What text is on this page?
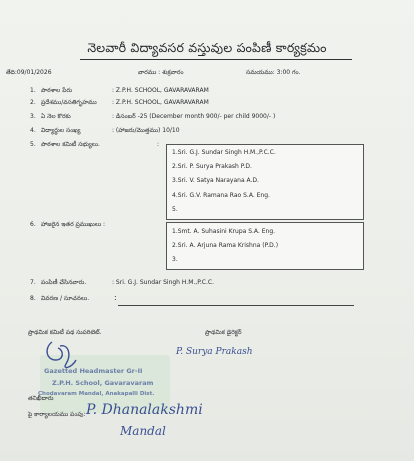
నెలవారీ విద్యావసర వస్తువుల పంపిణీ కార్యక్రమం
తేది:09/01/2026	వారము : శుక్రవారం	సమయము: 3:00 గం.
1. పాఠశాల పేరు	: Z.P.H. SCHOOL, GAVARAVARAM
2. ప్రదేశము/వసతిగృహము	: Z.P.H. SCHOOL, GAVARAVARAM
3. ఏ నెల కొరకు	: డిసంబర్ -25 (December month 900/- per child 9000/- )
4. విద్యార్థుల సంఖ్య	: (హాజరు/మొత్తము) 10/10
5. పాఠశాల కమిటీ సభ్యులు.	:
1.Sri. G.J. Sundar Singh H.M.,P.C.C.
2.Sri. P. Surya Prakash P.D.
3.Sri. V. Satya Narayana A.D.
4.Sri. G.V. Ramana Rao S.A. Eng.
5.
6. హాజరైన ఇతర ప్రముఖులు :
1.Smt. A. Suhasini Krupa S.A. Eng.
2.Sri. A. Arjuna Rama Krishna (P.D.)
3.
7. పంపిణీ చేసినవారు.	: Sri. G.J. Sundar Singh H.M.,P.C.C.
8. వివరణ / సూచనలు.	:
ప్రాథమిక కమిటీ పథ సుపరిటెట్.	ప్రాథమిక డైరెక్టర్
Gazetted Headmaster Gr-II
Z.P.H. School, Gavaravaram
Chodavaram Mandal, Anakapalli Dist.
P. Surya Prakash
తనిఖీదారు
పై కార్యాలయము పంపు: P. Dhanalakshmi
Mandal
